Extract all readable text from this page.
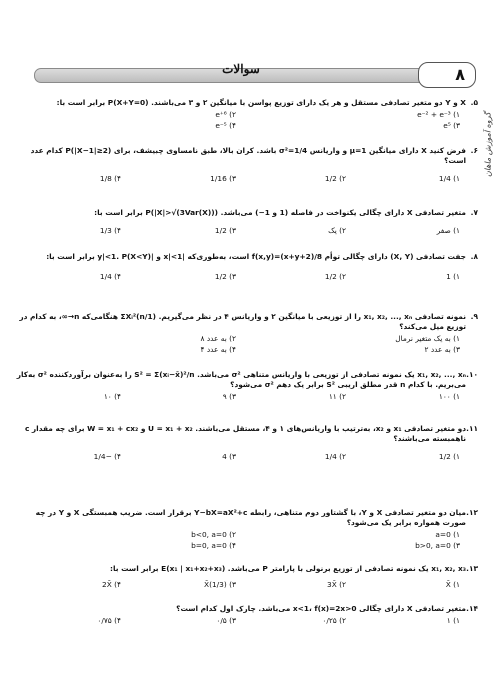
سوالات	۸
گروه آموزش ماهان
۵.
X و Y دو متغیر تصادفی مستقل و هر یک دارای توزیع پواسن با میانگین ۲ و ۳ می‌باشند. P(X+Y=0) برابر است با:
۱) e⁻² + e⁻³
۲) e⁺⁶
۳) e⁵
۴) e⁻⁵
۶.
فرض کنید X دارای میانگین μ=1 و واریانس σ²=1/4 باشد. کران بالا، طبق نامساوی چبیشف، برای P(|X−1|≥2) کدام عدد است؟
۱) 1/4
۲) 1/2
۳) 1/16
۴) 1/8
۷.
متغیر تصادفی X دارای چگالی یکنواخت در فاصله (1 و 1−) می‌باشد. P(|X|>√(3Var(X))) برابر است با:
۱) صفر
۲) یک
۳) 1/2
۴) 1/3
۸.
جفت تصادفی (X, Y) دارای چگالی توأم f(x,y)=(x+y+2)/8 است، به‌طوری‌که |x|<1 و |y|<1. P(X<Y) برابر است با:
۱) 1
۲) 1/2
۳) 1/2
۴) 1/4
۹.
نمونه تصادفی x₁, x₂, ..., xₙ را از توزیعی با میانگین ۲ و واریانس ۴ در نظر می‌گیریم. (1/n)ΣXᵢ² هنگامی‌که n→∞، به کدام در توزیع میل می‌کند؟
۱) به یک متغیر نرمال
۲) به عدد ۸
۳) به عدد ۲
۴) به عدد ۴
۱۰.
x₁, x₂, ..., xₙ یک نمونه تصادفی از توزیعی با واریانس متناهی σ² می‌باشد. S² = Σ(xᵢ−x̄)²/n را به‌عنوان برآوردکننده σ² به‌کار می‌بریم. با کدام n قدر مطلق اریبی S² برابر یک دهم σ² می‌شود؟
۱) ۱۰۰
۲) ۱۱
۳) ۹
۴) ۱۰
۱۱.
دو متغیر تصادفی x₁ و x₂، به‌ترتیب با واریانس‌های ۱ و ۴، مستقل می‌باشند. U = x₁ + x₂ و W = x₁ + cx₂ برای چه مقدار c ناهمبسته می‌باشند؟
۱) 1/2
۲) 1/4
۳) 4
۴) −1/4
۱۲.
میان دو متغیر تصادفی X و Y، با گشتاور دوم متناهی، رابطه Y−bX=aX²+c برقرار است. ضریب همبستگی X و Y در چه صورت همواره برابر یک می‌شود؟
۱) a=0
۲) b<0, a=0
۳) b>0, a=0
۴) b=0, a=0
۱۳.
x₁, x₂, x₃ یک نمونه تصادفی از توزیع برنولی با پارامتر P می‌باشد. E(x₁ | x₁+x₂+x₃) برابر است با:
۱) X̄
۲) 3X̄
۳) (1/3)X̄
۴) 2X̄
۱۴.
متغیر تصادفی X دارای چگالی 0<x<1، f(x)=2x می‌باشد. چارک اول کدام است؟
۱) ۱
۲) ۰/۲۵
۳) ۰/۵
۴) ۰/۷۵
